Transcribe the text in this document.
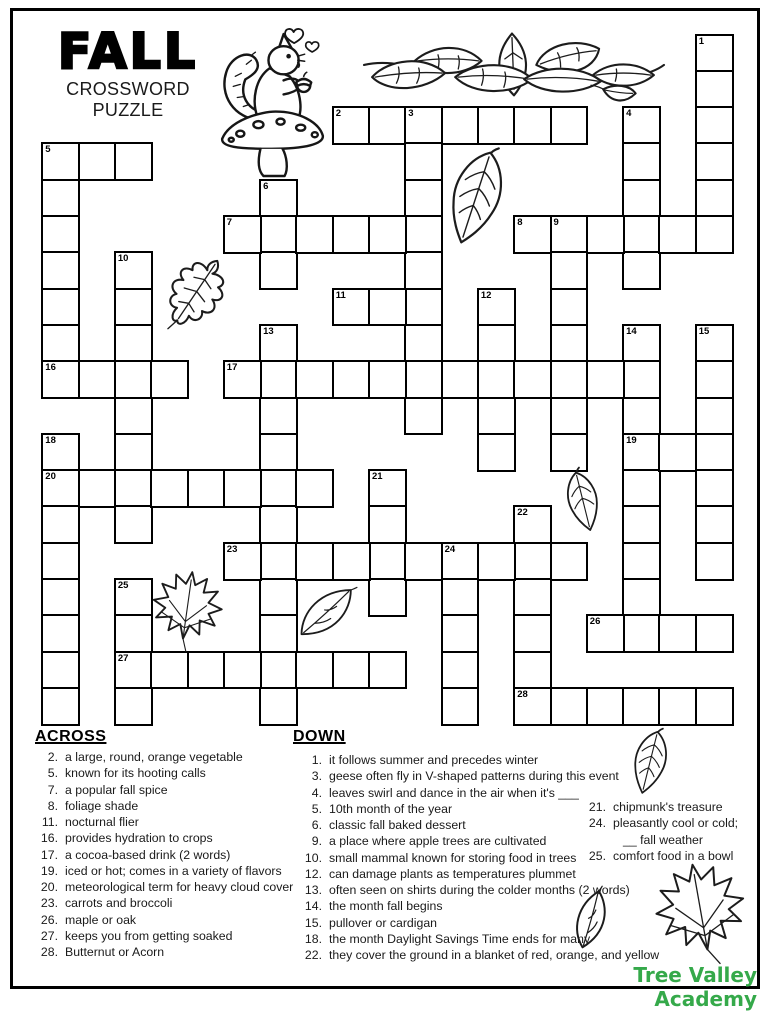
FALL
CROSSWORD PUZZLE
1
2	3	4
5
16
6
7	8	9
10
11	12
13	14
19
15
17
18
20	21
22
28
23	24
25
27
26
ACROSS
2. a large, round, orange vegetable
5. known for its hooting calls
7. a popular fall spice
8. foliage shade
11. nocturnal flier
16. provides hydration to crops
17. a cocoa-based drink (2 words)
19. iced or hot; comes in a variety of flavors
20. meteorological term for heavy cloud cover
23. carrots and broccoli
26. maple or oak
27. keeps you from getting soaked
28. Butternut or Acorn
DOWN
1. it follows summer and precedes winter
3. geese often fly in V-shaped patterns during this event
4. leaves swirl and dance in the air when it's ___
5. 10th month of the year
6. classic fall baked dessert
9. a place where apple trees are cultivated
10. small mammal known for storing food in trees
12. can damage plants as temperatures plummet
13. often seen on shirts during the colder months (2 words)
14. the month fall begins
15. pullover or cardigan
18. the month Daylight Savings Time ends for many
22. they cover the ground in a blanket of red, orange, and yellow
21. chipmunk's treasure
24. pleasantly cool or cold;
__ fall weather
25. comfort food in a bowl
Tree Valley Academy
